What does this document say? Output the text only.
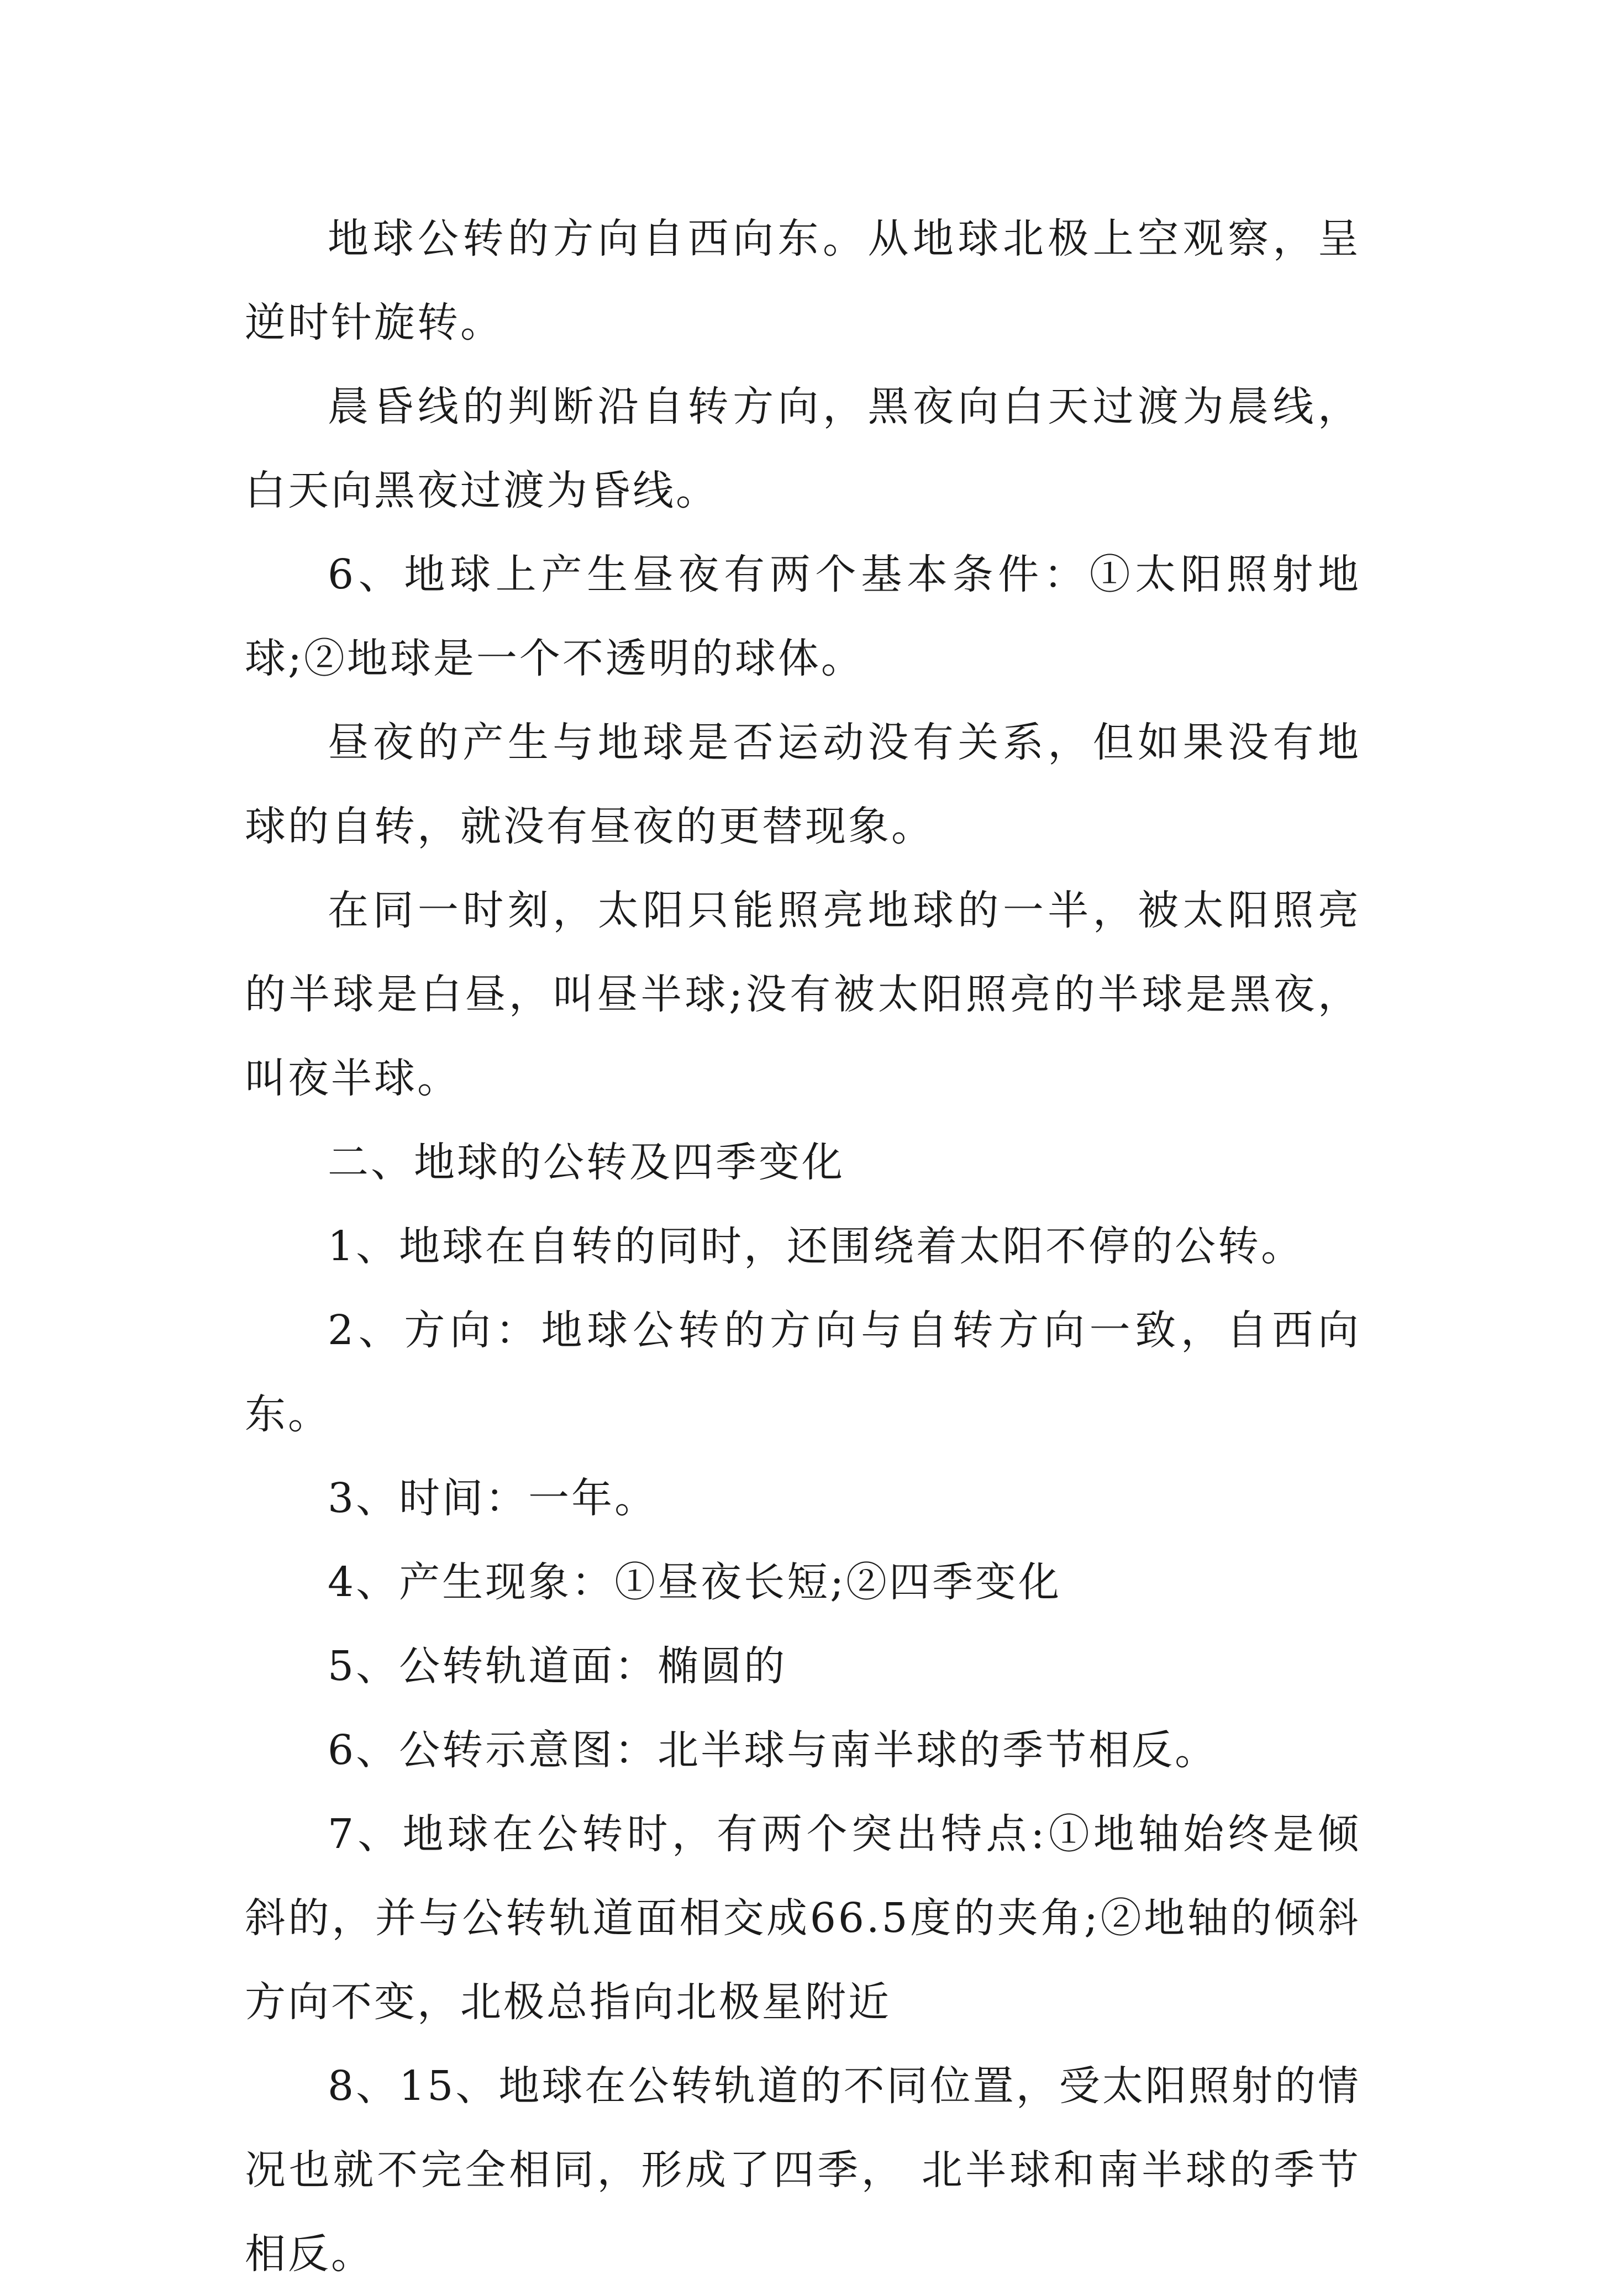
地球公转的方向自西向东。从地球北极上空观察，呈逆时针旋转。

晨昏线的判断沿自转方向，黑夜向白天过渡为晨线，白天向黑夜过渡为昏线。

6、地球上产生昼夜有两个基本条件：①太阳照射地球;②地球是一个不透明的球体。

昼夜的产生与地球是否运动没有关系，但如果没有地球的自转，就没有昼夜的更替现象。

在同一时刻，太阳只能照亮地球的一半，被太阳照亮的半球是白昼，叫昼半球;没有被太阳照亮的半球是黑夜，叫夜半球。

二、地球的公转及四季变化

1、地球在自转的同时，还围绕着太阳不停的公转。

2、方向：地球公转的方向与自转方向一致，自西向东。

3、时间：一年。

4、产生现象：①昼夜长短;②四季变化

5、公转轨道面：椭圆的

6、公转示意图：北半球与南半球的季节相反。

7、地球在公转时，有两个突出特点:①地轴始终是倾斜的，并与公转轨道面相交成66.5度的夹角;②地轴的倾斜方向不变，北极总指向北极星附近

8、15、地球在公转轨道的不同位置，受太阳照射的情况也就不完全相同，形成了四季， 北半球和南半球的季节相反。
